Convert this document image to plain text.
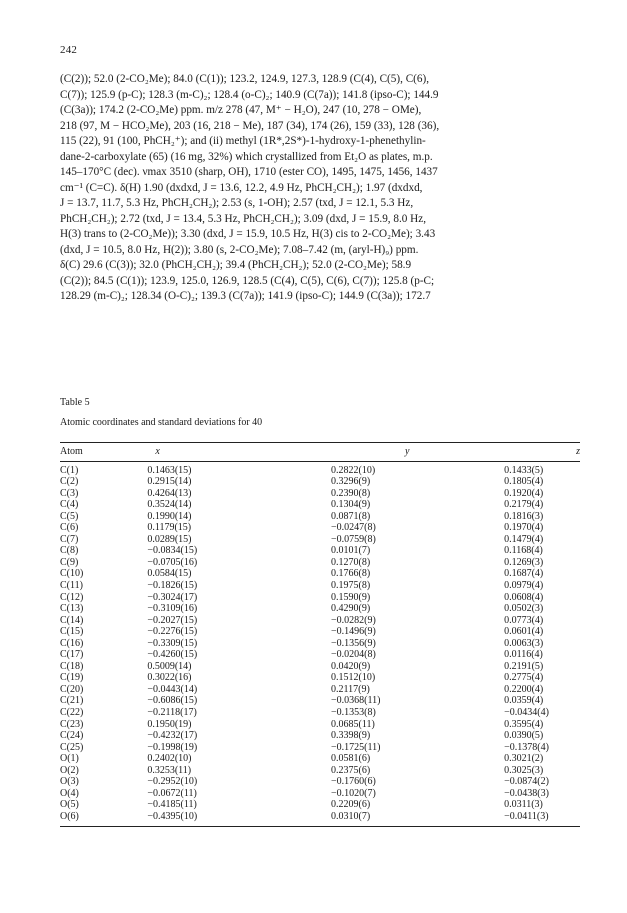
242
(C(2)); 52.0 (2-CO₂Me); 84.0 (C(1)); 123.2, 124.9, 127.3, 128.9 (C(4), C(5), C(6),
C(7)); 125.9 (p-C); 128.3 (m-C)₂; 128.4 (o-C)₂; 140.9 (C(7a)); 141.8 (ipso-C); 144.9
(C(3a)); 174.2 (2-CO₂Me) ppm. m/z 278 (47, M⁺ − H₂O), 247 (10, 278 − OMe),
218 (97, M − HCO₂Me), 203 (16, 218 − Me), 187 (34), 174 (26), 159 (33), 128 (36),
115 (22), 91 (100, PhCH₂⁺); and (ii) methyl (1R*,2S*)-1-hydroxy-1-phenethylin-
dane-2-carboxylate (65) (16 mg, 32%) which crystallized from Et₂O as plates, m.p.
145–170°C (dec). νmax 3510 (sharp, OH), 1710 (ester CO), 1495, 1475, 1456, 1437
cm⁻¹ (C=C). δ(H) 1.90 (dxdxd, J = 13.6, 12.2, 4.9 Hz, PhCH₂CH₂); 1.97 (dxdxd,
J = 13.7, 11.7, 5.3 Hz, PhCH₂CH₂); 2.53 (s, 1-OH); 2.57 (txd, J = 12.1, 5.3 Hz,
PhCH₂CH₂); 2.72 (txd, J = 13.4, 5.3 Hz, PhCH₂CH₂); 3.09 (dxd, J = 15.9, 8.0 Hz,
H(3) trans to (2-CO₂Me)); 3.30 (dxd, J = 15.9, 10.5 Hz, H(3) cis to 2-CO₂Me); 3.43
(dxd, J = 10.5, 8.0 Hz, H(2)); 3.80 (s, 2-CO₂Me); 7.08–7.42 (m, (aryl-H)₉) ppm.
δ(C) 29.6 (C(3)); 32.0 (PhCH₂CH₂); 39.4 (PhCH₂CH₂); 52.0 (2-CO₂Me); 58.9
(C(2)); 84.5 (C(1)); 123.9, 125.0, 126.9, 128.5 (C(4), C(5), C(6), C(7)); 125.8 (p-C;
128.29 (m-C)₂; 128.34 (O-C)₂; 139.3 (C(7a)); 141.9 (ipso-C); 144.9 (C(3a)); 172.7
Table 5
Atomic coordinates and standard deviations for 40
Atom	x	y	z
C(1)	0.1463(15)	0.2822(10)	0.1433(5)
C(2)	0.2915(14)	0.3296(9)	0.1805(4)
C(3)	0.4264(13)	0.2390(8)	0.1920(4)
C(4)	0.3524(14)	0.1304(9)	0.2179(4)
C(5)	0.1990(14)	0.0871(8)	0.1816(3)
C(6)	0.1179(15)	−0.0247(8)	0.1970(4)
C(7)	0.0289(15)	−0.0759(8)	0.1479(4)
C(8)	−0.0834(15)	0.0101(7)	0.1168(4)
C(9)	−0.0705(16)	0.1270(8)	0.1269(3)
C(10)	0.0584(15)	0.1766(8)	0.1687(4)
C(11)	−0.1826(15)	0.1975(8)	0.0979(4)
C(12)	−0.3024(17)	0.1590(9)	0.0608(4)
C(13)	−0.3109(16)	0.4290(9)	0.0502(3)
C(14)	−0.2027(15)	−0.0282(9)	0.0773(4)
C(15)	−0.2276(15)	−0.1496(9)	0.0601(4)
C(16)	−0.3309(15)	−0.1356(9)	0.0063(3)
C(17)	−0.4260(15)	−0.0204(8)	0.0116(4)
C(18)	0.5009(14)	0.0420(9)	0.2191(5)
C(19)	0.3022(16)	0.1512(10)	0.2775(4)
C(20)	−0.0443(14)	0.2117(9)	0.2200(4)
C(21)	−0.6086(15)	−0.0368(11)	0.0359(4)
C(22)	−0.2118(17)	−0.1353(8)	−0.0434(4)
C(23)	0.1950(19)	0.0685(11)	0.3595(4)
C(24)	−0.4232(17)	0.3398(9)	0.0390(5)
C(25)	−0.1998(19)	−0.1725(11)	−0.1378(4)
O(1)	0.2402(10)	0.0581(6)	0.3021(2)
O(2)	0.3253(11)	0.2375(6)	0.3025(3)
O(3)	−0.2952(10)	−0.1760(6)	−0.0874(2)
O(4)	−0.0672(11)	−0.1020(7)	−0.0438(3)
O(5)	−0.4185(11)	0.2209(6)	0.0311(3)
O(6)	−0.4395(10)	0.0310(7)	−0.0411(3)
